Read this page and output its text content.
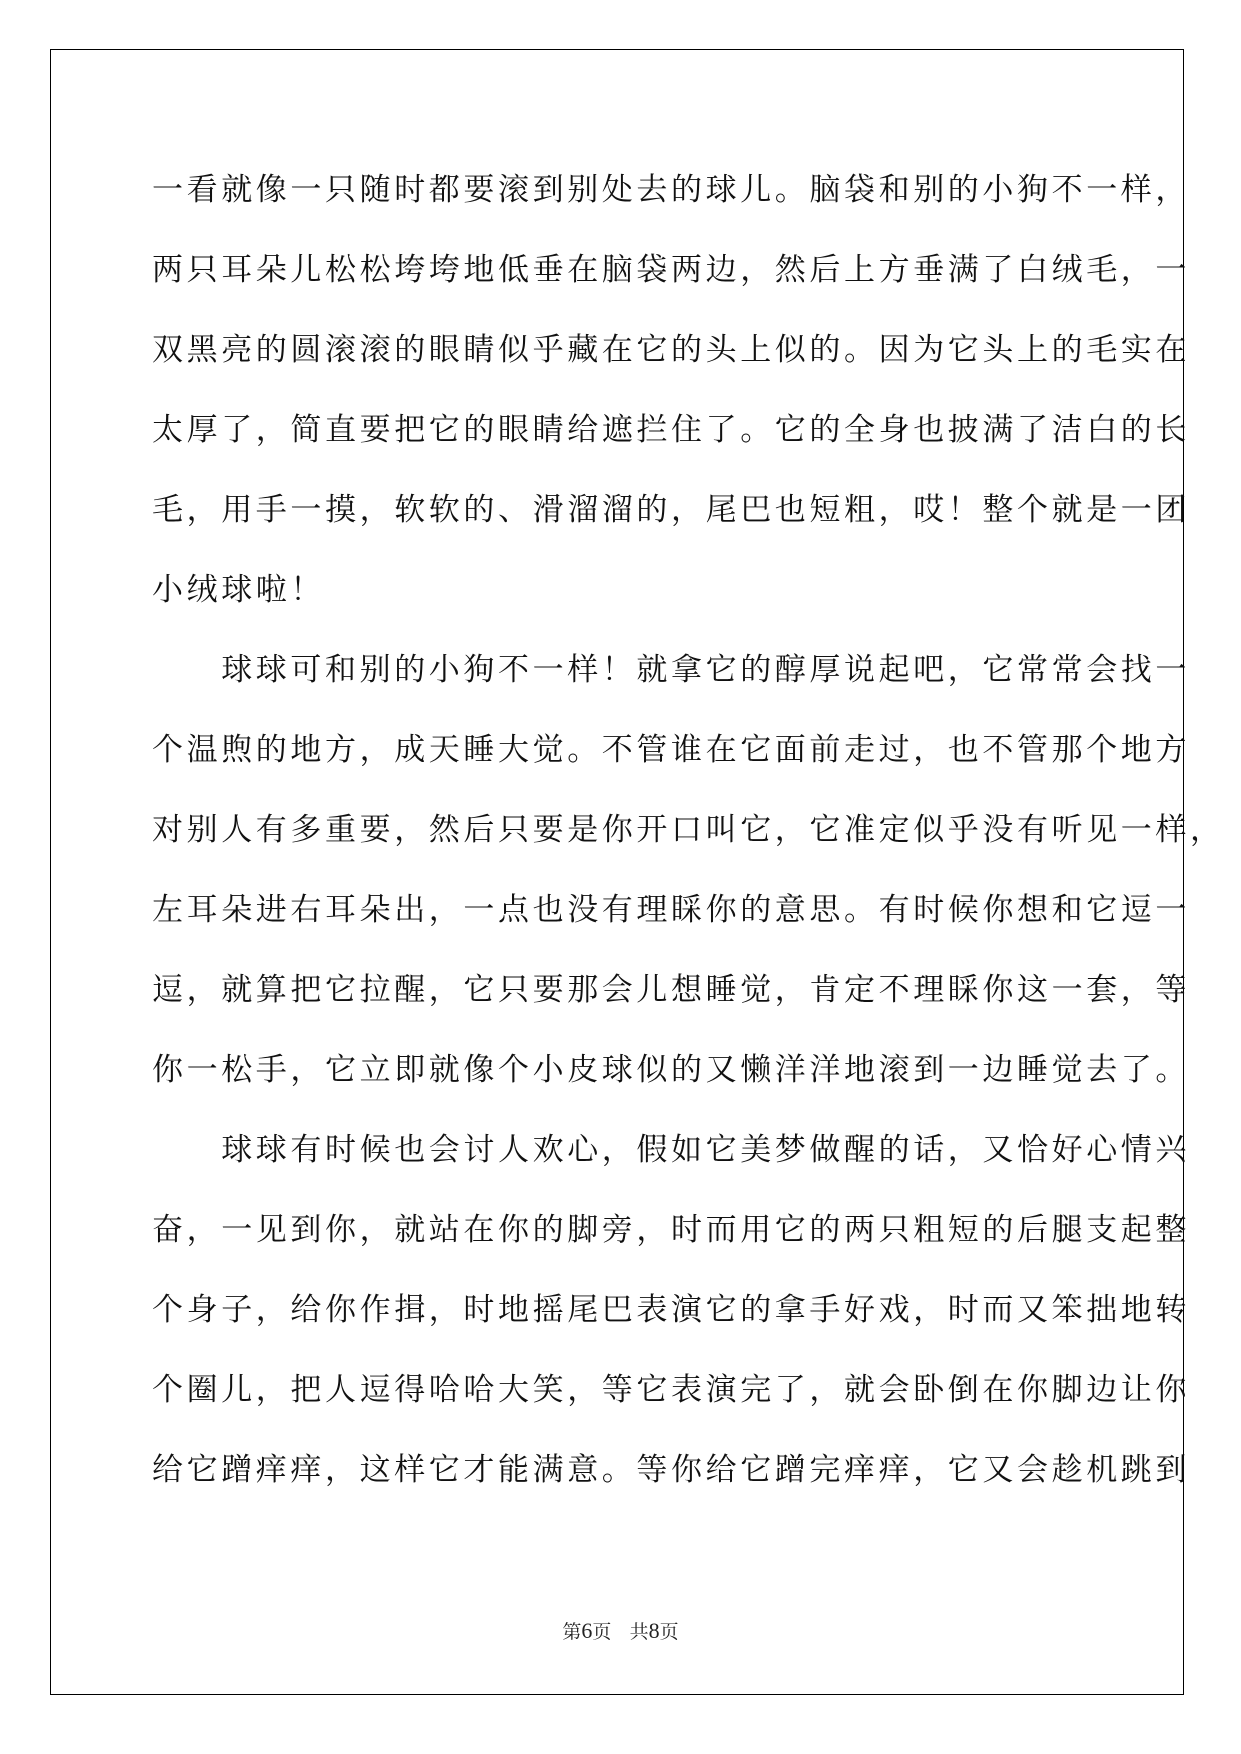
一看就像一只随时都要滚到别处去的球儿。脑袋和别的小狗不一样，
两只耳朵儿松松垮垮地低垂在脑袋两边，然后上方垂满了白绒毛，一
双黑亮的圆滚滚的眼睛似乎藏在它的头上似的。因为它头上的毛实在
太厚了，简直要把它的眼睛给遮拦住了。它的全身也披满了洁白的长
毛，用手一摸，软软的、滑溜溜的，尾巴也短粗，哎！整个就是一团
小绒球啦！
　　球球可和别的小狗不一样！就拿它的醇厚说起吧，它常常会找一
个温煦的地方，成天睡大觉。不管谁在它面前走过，也不管那个地方
对别人有多重要，然后只要是你开口叫它，它准定似乎没有听见一样，
左耳朵进右耳朵出，一点也没有理睬你的意思。有时候你想和它逗一
逗，就算把它拉醒，它只要那会儿想睡觉，肯定不理睬你这一套，等
你一松手，它立即就像个小皮球似的又懒洋洋地滚到一边睡觉去了。
　　球球有时候也会讨人欢心，假如它美梦做醒的话，又恰好心情兴
奋，一见到你，就站在你的脚旁，时而用它的两只粗短的后腿支起整
个身子，给你作揖，时地摇尾巴表演它的拿手好戏，时而又笨拙地转
个圈儿，把人逗得哈哈大笑，等它表演完了，就会卧倒在你脚边让你
给它蹭痒痒，这样它才能满意。等你给它蹭完痒痒，它又会趁机跳到
第6页 共8页
